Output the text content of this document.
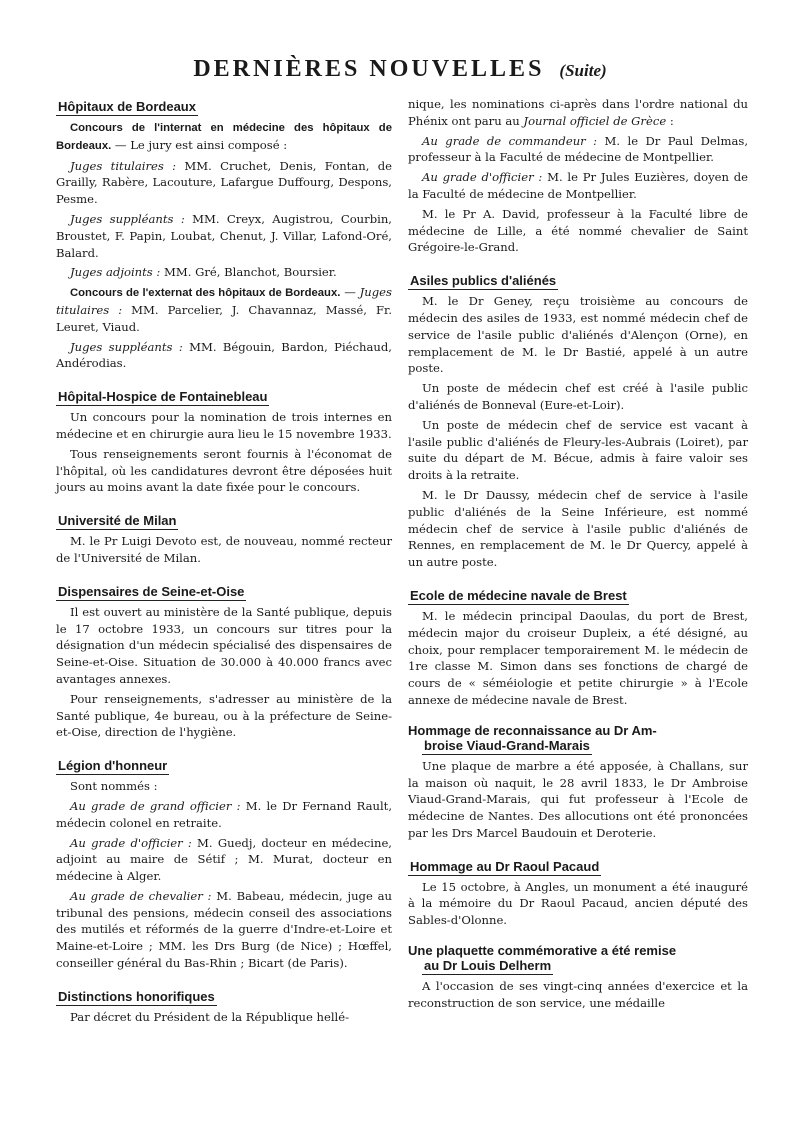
DERNIÈRES NOUVELLES (Suite)
Hôpitaux de Bordeaux

Concours de l'internat en médecine des hôpitaux de Bordeaux. — Le jury est ainsi composé :

Juges titulaires : MM. Cruchet, Denis, Fontan, de Grailly, Rabère, Lacouture, Lafargue Duffourg, Despons, Pesme.

Juges suppléants : MM. Creyx, Augistrou, Courbin, Broustet, F. Papin, Loubat, Chenut, J. Villar, Lafond-Oré, Balard.

Juges adjoints : MM. Gré, Blanchot, Boursier.

Concours de l'externat des hôpitaux de Bordeaux. — Juges titulaires : MM. Parcelier, J. Chavannaz, Massé, Fr. Leuret, Viaud.

Juges suppléants : MM. Bégouin, Bardon, Piéchaud, Andérodias.

Hôpital-Hospice de Fontainebleau

Un concours pour la nomination de trois internes en médecine et en chirurgie aura lieu le 15 novembre 1933.

Tous renseignements seront fournis à l'économat de l'hôpital, où les candidatures devront être déposées huit jours au moins avant la date fixée pour le concours.

Université de Milan

M. le Pr Luigi Devoto est, de nouveau, nommé recteur de l'Université de Milan.

Dispensaires de Seine-et-Oise

Il est ouvert au ministère de la Santé publique, depuis le 17 octobre 1933, un concours sur titres pour la désignation d'un médecin spécialisé des dispensaires de Seine-et-Oise. Situation de 30.000 à 40.000 francs avec avantages annexes.

Pour renseignements, s'adresser au ministère de la Santé publique, 4e bureau, ou à la préfecture de Seine-et-Oise, direction de l'hygiène.

Légion d'honneur

Sont nommés :

Au grade de grand officier : M. le Dr Fernand Rault, médecin colonel en retraite.

Au grade d'officier : M. Guedj, docteur en médecine, adjoint au maire de Sétif ; M. Murat, docteur en médecine à Alger.

Au grade de chevalier : M. Babeau, médecin, juge au tribunal des pensions, médecin conseil des associations des mutilés et réformés de la guerre d'Indre-et-Loire et Maine-et-Loire ; MM. les Drs Burg (de Nice) ; Hœffel, conseiller général du Bas-Rhin ; Bicart (de Paris).

Distinctions honorifiques

Par décret du Président de la République hellé-

nique, les nominations ci-après dans l'ordre national du Phénix ont paru au Journal officiel de Grèce :

Au grade de commandeur : M. le Dr Paul Delmas, professeur à la Faculté de médecine de Montpellier.

Au grade d'officier : M. le Pr Jules Euzières, doyen de la Faculté de médecine de Montpellier.

M. le Pr A. David, professeur à la Faculté libre de médecine de Lille, a été nommé chevalier de Saint Grégoire-le-Grand.

Asiles publics d'aliénés

M. le Dr Geney, reçu troisième au concours de médecin des asiles de 1933, est nommé médecin chef de service de l'asile public d'aliénés d'Alençon (Orne), en remplacement de M. le Dr Bastié, appelé à un autre poste.

Un poste de médecin chef est créé à l'asile public d'aliénés de Bonneval (Eure-et-Loir).

Un poste de médecin chef de service est vacant à l'asile public d'aliénés de Fleury-les-Aubrais (Loiret), par suite du départ de M. Bécue, admis à faire valoir ses droits à la retraite.

M. le Dr Daussy, médecin chef de service à l'asile public d'aliénés de la Seine Inférieure, est nommé médecin chef de service à l'asile public d'aliénés de Rennes, en remplacement de M. le Dr Quercy, appelé à un autre poste.

Ecole de médecine navale de Brest

M. le médecin principal Daoulas, du port de Brest, médecin major du croiseur Dupleix, a été désigné, au choix, pour remplacer temporairement M. le médecin de 1re classe M. Simon dans ses fonctions de chargé de cours de « séméiologie et petite chirurgie » à l'Ecole annexe de médecine navale de Brest.

Hommage de reconnaissance au Dr Am-
broise Viaud-Grand-Marais

Une plaque de marbre a été apposée, à Challans, sur la maison où naquit, le 28 avril 1833, le Dr Ambroise Viaud-Grand-Marais, qui fut professeur à l'Ecole de médecine de Nantes. Des allocutions ont été prononcées par les Drs Marcel Baudouin et Deroterie.

Hommage au Dr Raoul Pacaud

Le 15 octobre, à Angles, un monument a été inauguré à la mémoire du Dr Raoul Pacaud, ancien député des Sables-d'Olonne.

Une plaquette commémorative a été remise
au Dr Louis Delherm

A l'occasion de ses vingt-cinq années d'exercice et la reconstruction de son service, une médaille
